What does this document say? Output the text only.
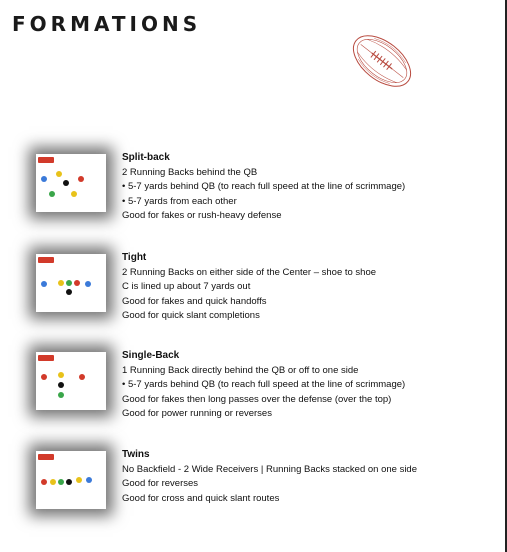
FORMATIONS
Split-back
2 Running Backs behind the QB
• 5-7 yards behind QB (to reach full speed at the line of scrimmage)
• 5-7 yards from each other
Good for fakes or rush-heavy defense
Tight
2 Running Backs on either side of the Center – shoe to shoe
C is lined up about 7 yards out
Good for fakes and quick handoffs
Good for quick slant completions
Single-Back
1 Running Back directly behind the QB or off to one side
• 5-7 yards behind QB (to reach full speed at the line of scrimmage)
Good for fakes then long passes over the defense (over the top)
Good for power running or reverses
Twins
No Backfield - 2 Wide Receivers | Running Backs stacked on one side
Good for reverses
Good for cross and quick slant routes
